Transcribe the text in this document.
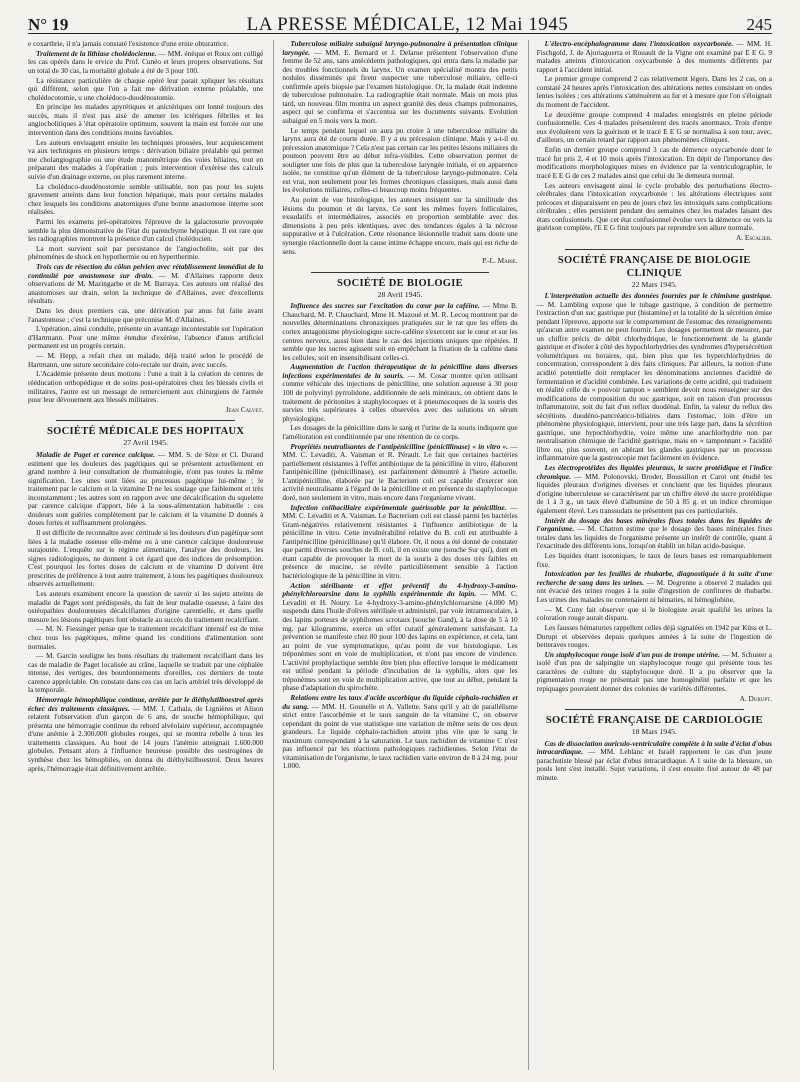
N° 19	LA PRESSE MÉDICALE, 12 Mai 1945	245

e coxarthrie, il n'a jamais constaté l'existence d'une ernie obturatrice.

Traitement de la lithiase cholédocienne. — MM. énèque et Roux ont colligé les cas opérés dans le ervice du Prof. Cunéo et leurs propres observations. Sur un total de 30 cas, la mortalité globale a été de 3 pour 100.

La résistance particulière de chaque opéré leur parait xpliquer les résultats qui diffèrent, selon que l'on a fait me dérivation externe préalable, une cholédocotomie, u une cholédoco-duodénostomie.

En principe les malades apyrétiques et anictériques ont lonné toujours des succès, mais il n'est pas aisé de amener les ictériques fébriles et les angiocholitiques à 'état opératoire optimum, souvent la main est forcée our une intervention dans des conditions moins favoables.

Les auteurs envisagent ensuite les techniques proosées, leur acquiescement va aux techniques en plusieurs temps : dérivation biliaire préalable qui permet me cholangiographie ou une étude manométrique des voies biliaires, tout en préparant des malades à l'opération ; puis intervention d'exérèse des calculs suivie d'un drainage externe, ou plus rarement interne.

La cholédoco-duodénostomie semble utilisable, non pas pour les sujets gravement atteints dans leur fonction hépatique, mais pour certains malades chez lesquels les conditions anatomiques d'une bonne anastomose interne sont réalisées.

Parmi les examens pré-opératoires l'épreuve de la galactosurie provoquée semble la plus démonstrative de l'état du parenchyme hépatique. Il est rare que les radiographies montrent la présence d'un calcul cholédocien.

La mort survient soit par persistance de l'angiocholite, soit par des phénomènes de shock en hypothermie ou en hyperthermie.

Trois cas de résection du côlon pelvien avec rétablissement immédiat de la continuité par anastomose sur drain. — M. d'Allaines rapporte deux observations de M. Mazingarbe et de M. Barraya. Ces auteurs ont réalisé des anastomoses sur drain, selon la technique de d'Allaines, avec d'excellents résultats.

Dans les deux premiers cas, une dérivation par anus fut faite avant l'anastomose ; c'est la technique que préconise M. d'Allaines.

L'opération, ainsi conduite, présente un avantage incontestable sur l'opération d'Hartmann. Pour une même étendue d'exérèse, l'absence d'anus artificiel permanent est un progrès certain.

— M. Hepp, a refait chez un malade, déjà traité selon le procédé de Hartmann, une suture secondaire colo-rectale sur drain, avec succès.

L'Académie présente deux motions : l'une a trait à la création de centres de rééducation orthopédique et de soins post-opératoires chez les blessés civils et militaires, l'autre est un message de remerciement aux chirurgiens de l'armée pour leur dévouement aux blessés militaires.

Jean Calvet.
SOCIÉTÉ MÉDICALE DES HOPITAUX
27 Avril 1945.

Maladie de Paget et carence calcique. — MM. S. de Sèze et Cl. Durand estiment que les douleurs des pagétiques qui se présentent actuellement en grand nombre à leur consultation de rhumatologie, n'ont pas toutes la même signification. Les unes sont liées au processus pagétique lui-même ; le traitement par le calcium et la vitamine D ne les soulage que faiblement et très inconstamment ; les autres sont en rapport avec une décalcification du squelette par carence calcique d'apport, liée à la sous-alimentation habituelle : ces douleurs sont guéries complètement par le calcium et la vitamine D donnés à doses fortes et suffisamment prolongées.

Il est difficile de reconnaître avec certitude si les douleurs d'un pagétique sont liées à la maladie osseuse elle-même ou à une carence calcique douloureuse surajoutée. L'enquête sur le régime alimentaire, l'analyse des douleurs, les signes radiologiques, ne donnent à cet égard que des indices de présomption. C'est pourquoi les fortes doses de calcium et de vitamine D doivent être prescrites de préférence à tout autre traitement, à tous les pagétiques douloureux observés actuellement.

Les auteurs examinent encore la question de savoir si les sujets atteints de maladie de Paget sont prédisposés, du fait de leur maladie osseuse, à faire des ostéopathies douloureuses décalcifiantes d'origine carentielle, et dans quelle mesure les lésions pagétiques font obstacle au succès du traitement recalcifiant.

— M. N. Fiessinger pense que le traitement recalcifiant intensif est de mise chez tous les pagétiques, même quand les conditions d'alimentation sont normales.

— M. Garcin souligne les bons résultats du traitement recalcifiant dans les cas de maladie de Paget localisée au crâne, laquelle se traduit par une céphalée intense, des vertiges, des bourdonnements d'oreilles, ces derniers de toute carence appréciable. On constate dans ces cas un lacis artériel très développé de la temporale.

Hémorragie hémophilique continue, arrêtée par le diéthylstilboestrol après échec des traitements classiques. — MM. J. Cathala, de Lignières et Alison relatent l'observation d'un garçon de 6 ans, de souche hémophilique, qui présenta une hémorragie continue du rebord alvéolaire supérieur, accompagnée d'une anémie à 2.300.000 globules rouges, qui se montra rebelle à tous les traitements classiques. Au bout de 14 jours l'anémie atteignait 1.600.000 globules. Pensant alors à l'influence heureuse possible des oestrogènes de synthèse chez les hémophiles, on donna du diéthylstilboestrol. Deux heures après, l'hémorragie était définitivement arrêtée.

Tuberculose miliaire subaiguë laryngo-pulmonaire à présentation clinique laryngée. — MM. E. Bernard et J. Delarue présentent l'observation d'une femme de 52 ans, sans antécédents pathologiques, qui entra dans la maladie par des troubles fonctionnels du larynx. Un examen spécialisé montra des petits nodules disséminés qui firent suspecter une tuberculose miliaire, celle-ci confirmée après biopsie par l'examen histologique. Or, la malade était indemne de tuberculose pulmonaire. La radiographie était normale. Mais un mois plus tard, un nouveau film montra un aspect granité des deux champs pulmonaires, aspect qui se confirma et s'accentua sur les documents suivants. Evolution subaiguë en 5 mois vers la mort.

Le temps pendant lequel on aura pu croire à une tuberculose miliaire du larynx aura été de courte durée. Il y a eu précession clinique. Mais y a-t-il eu précession anatomique ? Cela n'est pas certain car les petites lésions miliaires du poumon peuvent être au début infra-visibles. Cette observation permet de souligner une fois de plus que la tuberculose laryngée initiale, et en apparence isolée, ne constitue qu'un élément de la tuberculose laryngo-pulmonaire. Cela est vrai, non seulement pour les formes chroniques classiques, mais aussi dans les évolutions miliaires, celles-ci beaucoup moins fréquentes.

Au point de vue histologique, les auteurs insistent sur la similitude des lésions du poumon et du larynx. Ce sont les mêmes foyers folliculaires, exsudatifs et intermédiaires, associés en proportion semblable avec des dimensions à peu près identiques, avec des tendances égales à la nécrose suppurative et à l'ulcération. Cette résonance lésionnelle traduit sans doute une synergie réactionnelle dont la cause intime échappe encore, mais qui est riche de sens.

P.-L. Marie.
SOCIÉTÉ DE BIOLOGIE
28 Avril 1945.

Influence des sucres sur l'excitation du cœur par la caféine. — Mme B. Chauchard, M. P. Chauchard, Mme H. Mazoué et M. R. Lecoq montrent par de nouvelles déterminations chronaxiques pratiquées sur le rat que les effets du cortex antagonisme physiologique sucre-caféine s'exercent sur le cœur et sur les centres nerveux, aussi bien dans le cas des injections uniques que répétées. Il semble que les sucres agissent soit en empêchant la fixation de la caféine dans les cellules, soit en insensibilisant celles-ci.

Augmentation de l'action thérapeutique de la pénicilline dans diverses infections expérimentales de la souris. — M. Cosar montre qu'en utilisant comme véhicule des injections de pénicilline, une solution aqueuse à 30 pour 100 de polyvinyl pyrrolidone, additionnée de sels minéraux, on obtient dans le traitement de péritonites à staphylocoques et à pneumocoques de la souris des survies très supérieures à celles observées avec des solutions en sérum physiologique.

Les dosages de la pénicilline dans le sang et l'urine de la souris indiquent que l'amélioration est conditionnée par une rétention de ce corps.

Propriétés neutralisantes de l'antipénicilline (pénicillinase) « in vitro ». — MM. C. Levaditi, A. Vaisman et R. Pérault. Le fait que certaines bactéries partiellement résistantes à l'effet antibiotique de la pénicilline in vitro, élaborent l'antipénicilline (pénicillinase), est parfaitement démontré à l'heure actuelle. L'antipénicilline, élaborée par le Bacterium coli est capable d'exercer son activité neutralisante à l'égard de la pénicilline et en présence du staphylocoque doré, non seulement in vitro, mais encore dans l'organisme vivant.

Infection colibacillaire expérimentale guérissable par la pénicilline. — MM. C. Levaditi et A. Vaisman. Le Bacterium coli est classé parmi les bactéries Gram-négatives relativement résistantes à l'influence antibiotique de la pénicilline in vitro. Cette invulnérabilité relative du B. coli est attribuable à l'antipénicilline (pénicillinase) qu'il élabore. Or, il nous a été donné de constater que parmi diverses souches de B. coli, il en existe une (souche Sur qui), dont en étant capable de provoquer la mort de la souris à des doses très faibles en présence de mucine, se révèle particulièrement sensible à l'action bactériologique de la pénicilline in vitro.

Action stérilisante et effet préventif du 4-hydroxy-3-amino-phénylchloroarsine dans la syphilis expérimentale du lapin. — MM. C. Levaditi et H. Noury. Le 4-hydroxy-3-amino-phénylchloroarsine (4.000 M) suspendu dans l'huile d'olives stérilisée et administré, par voie intramusculaire, à des lapins porteurs de syphilomes scrotaux (souche Gand), à la dose de 5 à 10 mg. par kilogramme, exerce un effet curatif généralement satisfaisant. La prévention se manifeste chez 80 pour 100 des lapins en expérience, et cela, tant au point de vue symptomatique, qu'au point de vue histologique. Les tréponèmes sont en voie de multiplication, et n'ont pas encore de virulence. L'activité prophylactique semble être bien plus effective lorsque le médicament est utilisé pendant la période d'incubation de la syphilis, alors que les tréponèmes sont en voie de multiplication active, que tout au début, pendant la phase d'adaptation du spirochète.

Relations entre les taux d'acide ascorbique du liquide céphalo-rachidien et du sang. — MM. H. Gounelle et A. Vallette. Sans qu'il y ait de parallélisme strict entre l'ascorbémie et le taux sanguin de la vitamine C, on observe cependant du point de vue statistique une variation de même sens de ces deux grandeurs. Le liquide céphalo-rachidien atteint plus vite que le sang le maximum correspondant à la saturation. Le taux rachidien de vitamine C n'est pas influencé par les réactions pathologiques rachidiennes. Selon l'état de vitaminisation de l'organisme, le taux rachidien varie environ de 8 à 24 mg. pour 1.000.

L'électro-encéphalogramme dans l'intoxication oxycarbonée. — MM. H. Fischgold, J. de Ajuriaguerra et Rouault de la Vigne ont examiné par E E G. 9 malades atteints d'intoxication oxycarbonée à des moments différents par rapport à l'accident initial.

Le premier groupe comprend 2 cas relativement légers. Dans les 2 cas, on a constaté 24 heures après l'intoxication des altérations nettes consistant en ondes lentes isolées ; ces altérations s'atténuèrent au fur et à mesure que l'on s'éloignait du moment de l'accident.

Le deuxième groupe comprend 4 malades enregistrés en pleine période confusionnelle. Ces 4 malades présentèrent des tracés anormaux. Trois d'entre eux évoluèrent vers la guérison et le tracé E E G se normalisa à son tour, avec, d'ailleurs, un certain retard par rapport aux phénomènes cliniques.

Enfin un dernier groupe comprend 3 cas de démence oxycarbonée dont le tracé fut pris 2, 4 et 10 mois après l'intoxication. En dépit de l'importance des modifications morphologiques mises en évidence par la ventriculographie, le tracé E E G de ces 2 malades ainsi que celui du 3e demeura normal.

Les auteurs envisagent ainsi le cycle probable des perturbations électro-cérébrales dans l'intoxication oxycarbonée : les altérations électriques sont précoces et disparaissent en peu de jours chez les intoxiqués sans complications cérébrales ; elles persistent pendant des semaines chez les malades faisant des états confusionnels. Que cet état confusionnel évolue vers la démence ou vers la guérison complète, l'E E G finit toujours par reprendre son allure normale.

A. Escalier.
SOCIÉTÉ FRANÇAISE DE BIOLOGIE CLINIQUE
22 Mars 1945.

L'interprétation actuelle des données fournies par le chimisme gastrique. — M. Lambling expose que le tubage gastrique, à condition de permettre l'extraction d'un suc gastrique pur (histamine) et la totalité de la sécrétion émise pendant l'épreuve, apporte sur le comportement de l'estomac des renseignements qu'aucun autre examen ne peut fournir. Les dosages permettent de mesurer, par un chiffre précis de débit chlorhydrique, le fonctionnement de la glande gastrique et d'isoler à côté des hypochlorhydries des syndromes d'hypersécrétion volumétriques ou horaires, qui, bien plus que les hyperchlorhydries de concentration, correspondent à des faits cliniques. Par ailleurs, la notion d'une acidité potentielle doit remplacer les dénominations anciennes d'acidité de fermentation et d'acidité combinée. Les variations de cette acidité, qui traduisent en réalité celle du « pouvoir tampon » semblent devoir nous renseigner sur des modifications de composition du suc gastrique, soit en raison d'un processus inflammatoire, soit du fait d'un reflux duodénal. Enfin, la valeur du reflux des sécrétions duodéno-pancréatico-biliaires dans l'estomac, loin d'être un phénomène physiologique, intervient, pour une très large part, dans la sécrétion gastrique, une hypochlorhydrie, voire même une anachlorhydrie non par neutralisation chimique de l'acidité gastrique, mais en « tamponnant » l'acidité libre ou, plus souvent, en altérant les glandes gastriques par un processus inflammatoire que la gastroscopie met facilement en évidence.

Les électroprotéides des liquides pleuraux, le sucre protéidique et l'indice chromique. — MM. Polonovski, Broder, Boussillon et Carot ont étudié les liquides pleuraux d'origines diverses et concluent que les liquides pleuraux d'origine tuberculeuse se caractérisent par un chiffre élevé du sucre protéidique de 1 à 3 g., un taux élevé d'albumine de 50 à 85 g. et un indice chromique également élevé. Les transsudats ne présentent pas ces particularités.

Intérêt du dosage des bases minérales fixes totales dans les liquides de l'organisme. — M. Chatron estime que le dosage des bases minérales fixes totales dans les liquides de l'organisme présente un intérêt de contrôle, quant à l'exactitude des différents ions, lorsqu'on établit un bilan acido-basique.

Les liquides étant isotoniques, le taux de leurs bases est remarquablement fixe.

Intoxication par les feuilles de rhubarbe, diagnostiquée à la suite d'une recherche de sang dans les urines. — M. Degrenne a observé 2 malades qui ont évacué des urines rouges à la suite d'ingestion de confitures de rhubarbe. Les urines des malades ne contenaient ni hématies, ni hémoglobine.

— M. Cuny fait observer que si le biologiste avait qualifié les urines la coloration rouge aurait disparu.

Les fausses hématuries rappellent celles déjà signalées en 1942 par Küss et L. Durupt et observées depuis quelques années à la suite de l'ingestion de betteraves rouges.

Un staphylocoque rouge isolé d'un pus de trompe utérine. — M. Schuster a isolé d'un pus de salpingite un staphylocoque rouge qui présente tous les caractères de culture du staphylocoque doré. Il a pu observer que la pigmentation rouge ne présentait pas une homogénéité parfaite et que les repiquages pouvaient donner des colonies de variétés différentes.

A. Durupt.
SOCIÉTÉ FRANÇAISE DE CARDIOLOGIE
18 Mars 1945.

Cas de dissociation auriculo-ventriculaire complète à la suite d'éclat d'obus intracardiaque. — MM. Leblanc et Israël rapportent le cas d'un jeune parachutiste blessé par éclat d'obus intracardiaque. A 1 suite de la blessure, un pouls lent s'est installé. Sujet variations, il s'est ensuite fixé autour de 48 par minute.
